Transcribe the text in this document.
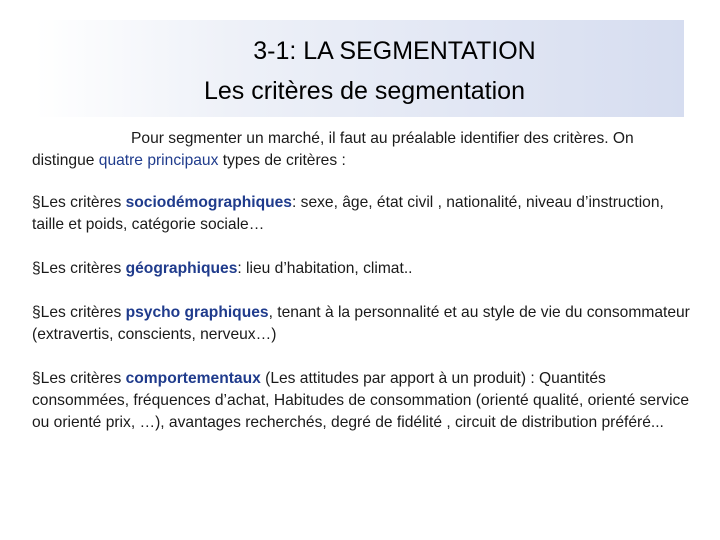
3-1: LA SEGMENTATION
Les critères de segmentation

Pour segmenter un marché, il faut au préalable identifier des critères. On distingue quatre principaux types de critères :

§Les critères sociodémographiques: sexe, âge, état civil , nationalité, niveau d’instruction, taille et poids, catégorie sociale…

§Les critères géographiques: lieu d’habitation, climat..

§Les critères psycho graphiques, tenant à la personnalité et au style de vie du consommateur (extravertis, conscients, nerveux…)

§Les critères comportementaux (Les attitudes par apport à un produit) : Quantités consommées, fréquences d’achat, Habitudes de consommation (orienté qualité, orienté service ou orienté prix, …), avantages recherchés, degré de fidélité , circuit de distribution préféré...
